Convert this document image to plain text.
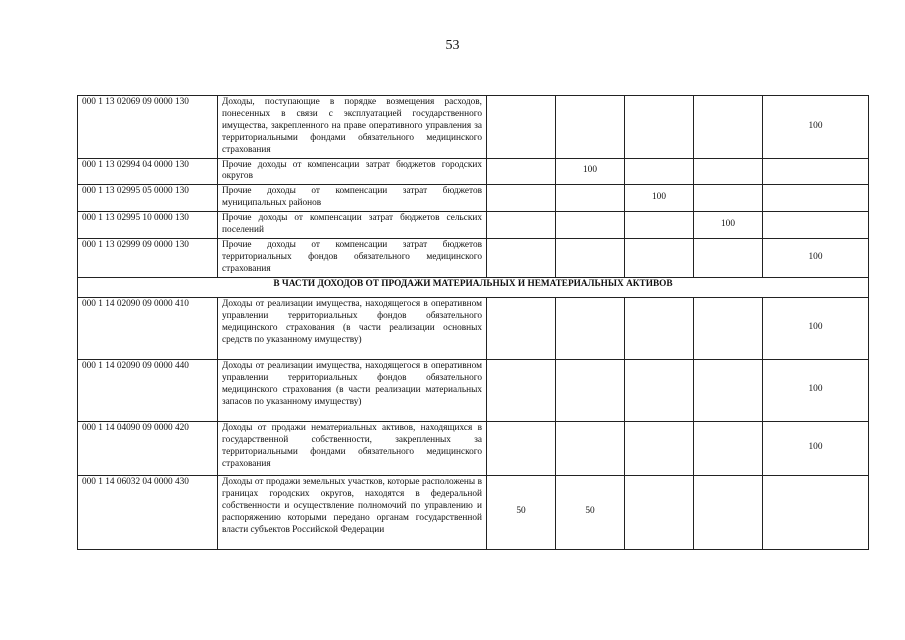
53
000 1 13 02069 09 0000 130	Доходы, поступающие в порядке возмещения расходов, понесенных в связи с эксплуатацией государственного имущества, закрепленного на праве оперативного управления за территориальными фондами обязательного медицинского страхования					100
000 1 13 02994 04 0000 130	Прочие доходы от компенсации затрат бюджетов городских округов		100			
000 1 13 02995 05 0000 130	Прочие доходы от компенсации затрат бюджетов муниципальных районов			100		
000 1 13 02995 10 0000 130	Прочие доходы от компенсации затрат бюджетов сельских поселений				100	
000 1 13 02999 09 0000 130	Прочие доходы от компенсации затрат бюджетов территориальных фондов обязательного медицинского страхования					100
В ЧАСТИ ДОХОДОВ ОТ ПРОДАЖИ МАТЕРИАЛЬНЫХ И НЕМАТЕРИАЛЬНЫХ АКТИВОВ						
000 1 14 02090 09 0000 410	Доходы от реализации имущества, находящегося в оперативном управлении территориальных фондов обязательного медицинского страхования (в части реализации основных средств по указанному имуществу)					100
000 1 14 02090 09 0000 440	Доходы от реализации имущества, находящегося в оперативном управлении территориальных фондов обязательного медицинского страхования (в части реализации материальных запасов по указанному имуществу)					100
000 1 14 04090 09 0000 420	Доходы от продажи нематериальных активов, находящихся в государственной собственности, закрепленных за территориальными фондами обязательного медицинского страхования					100
000 1 14 06032 04 0000 430	Доходы от продажи земельных участков, которые расположены в границах городских округов, находятся в федеральной собственности и осуществление полномочий по управлению и распоряжению которыми передано органам государственной власти субъектов Российской Федерации	50	50			
